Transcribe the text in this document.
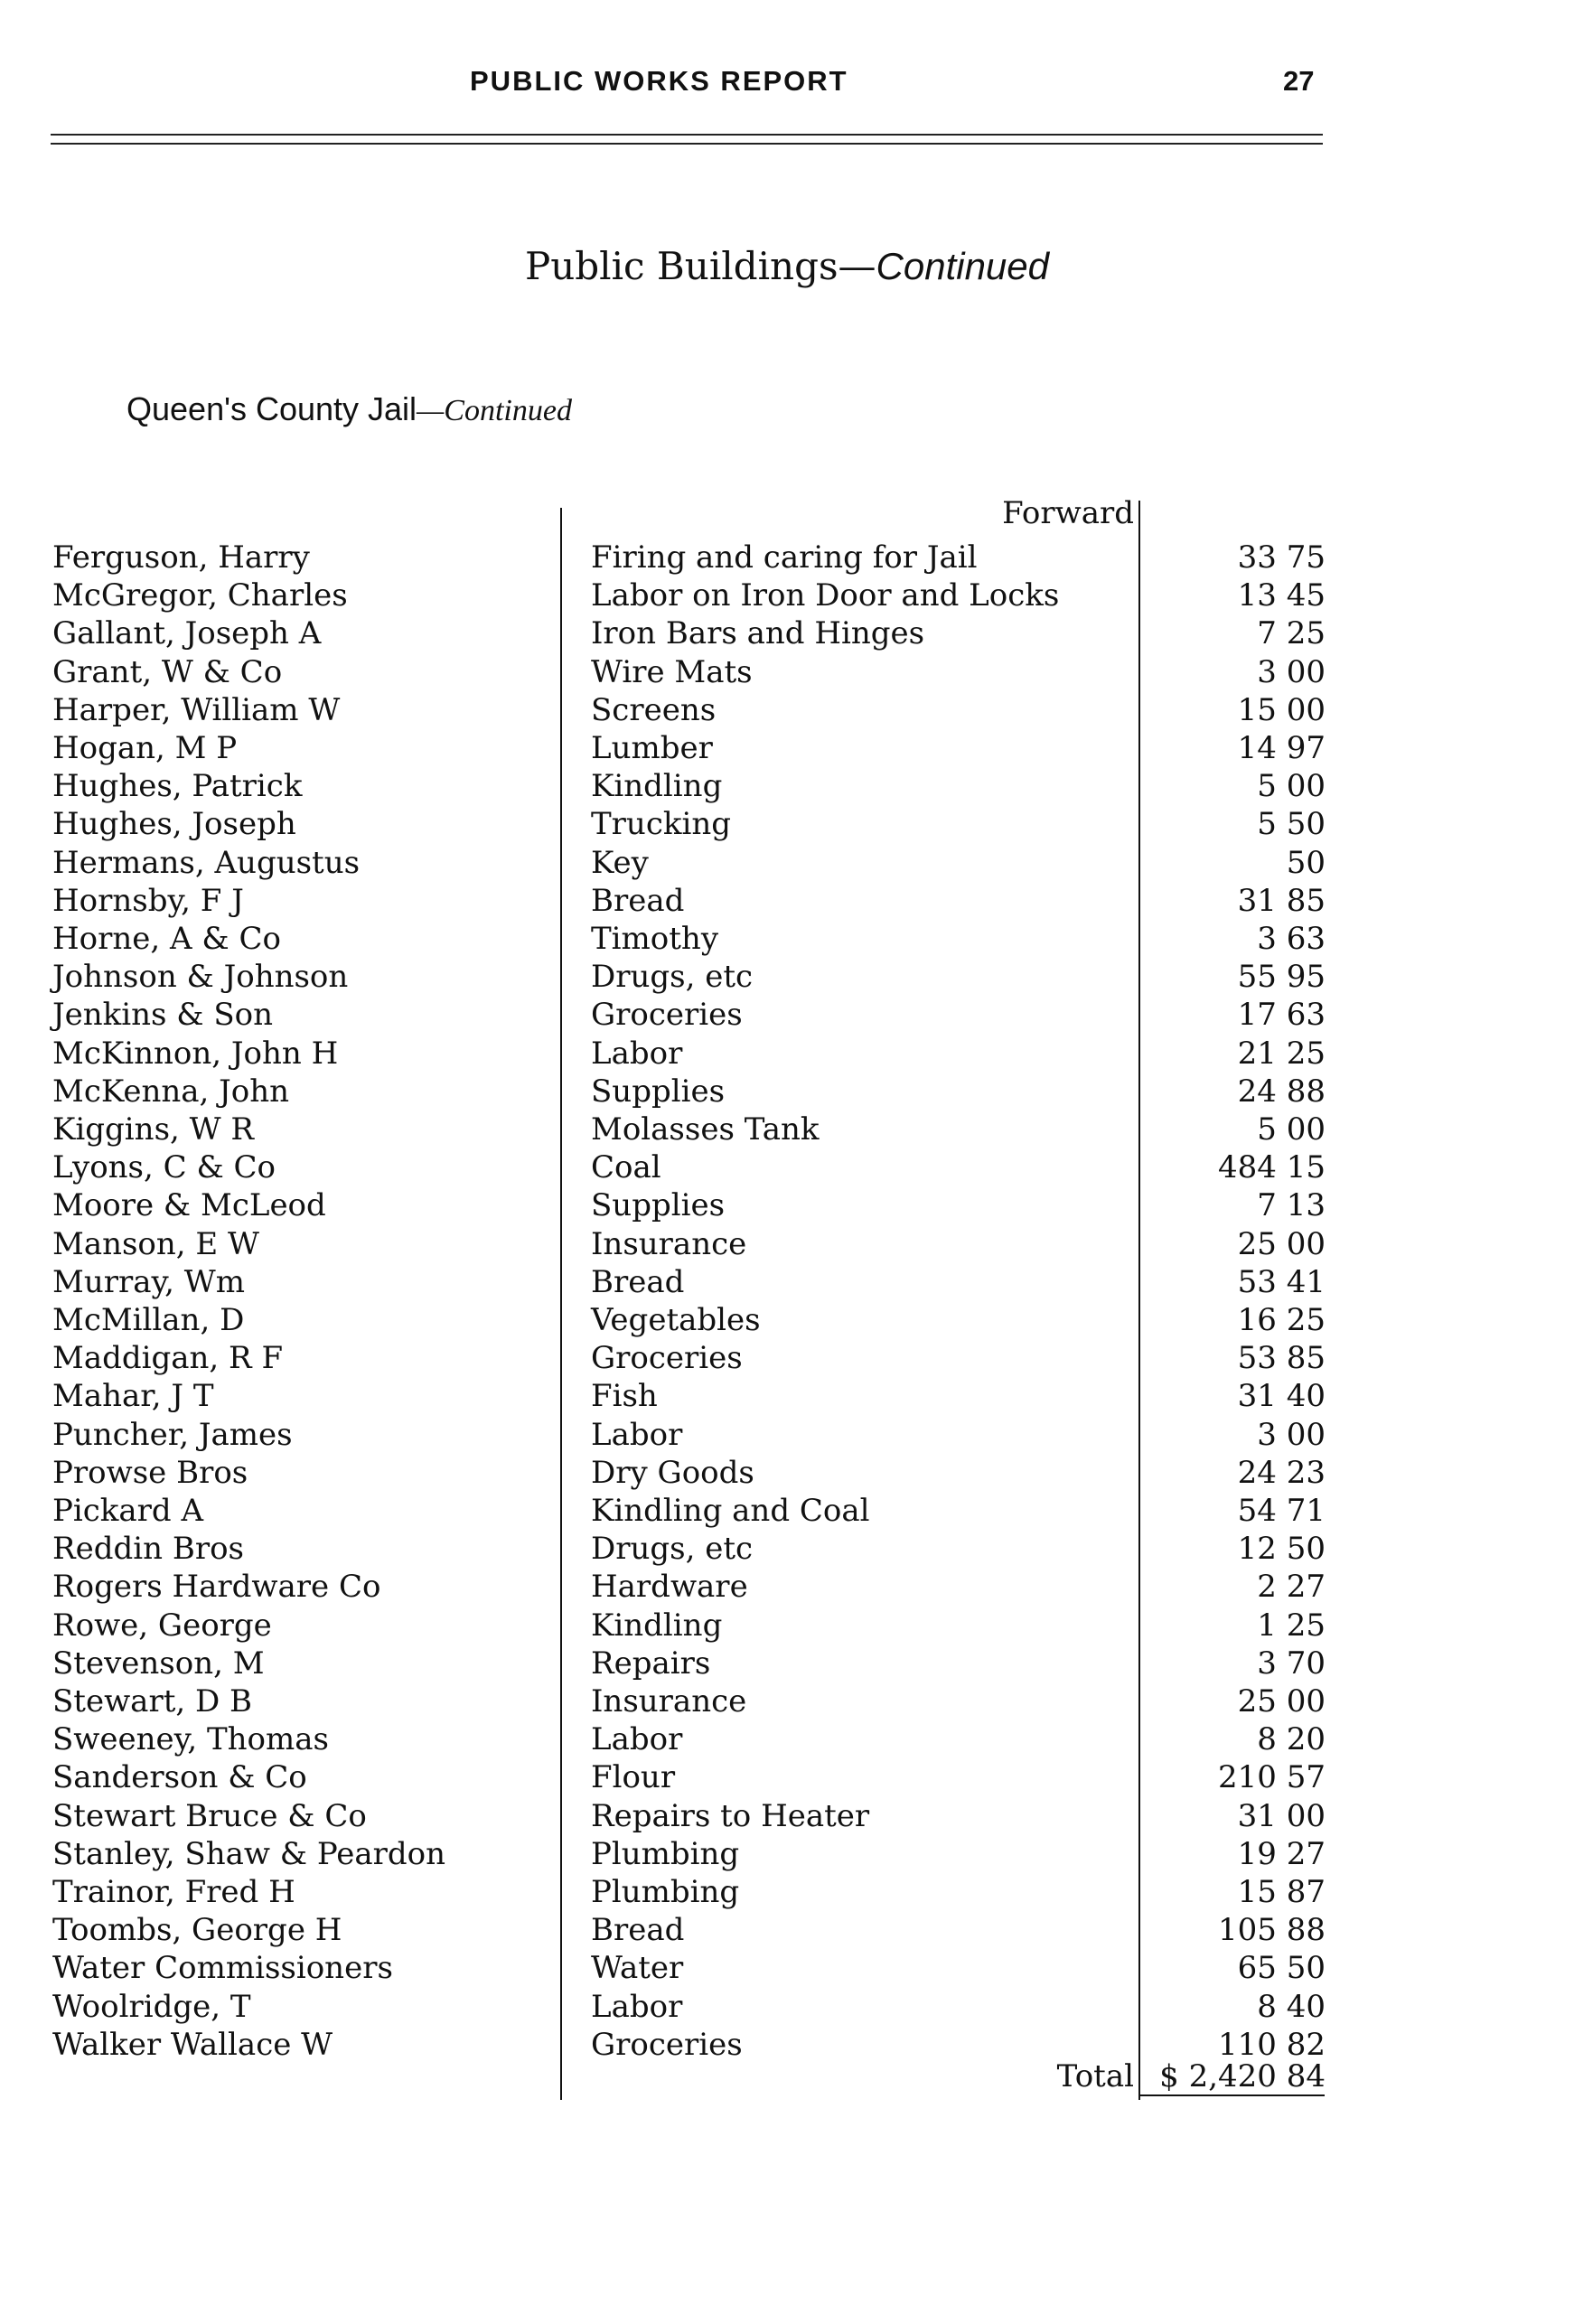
PUBLIC WORKS REPORT	27
Public Buildings—Continued
Queen's County Jail—Continued
Forward
Ferguson, Harry	Firing and caring for Jail	33 75
McGregor, Charles	Labor on Iron Door and Locks	13 45
Gallant, Joseph A	Iron Bars and Hinges	7 25
Grant, W & Co	Wire Mats	3 00
Harper, William W	Screens	15 00
Hogan, M P	Lumber	14 97
Hughes, Patrick	Kindling	5 00
Hughes, Joseph	Trucking	5 50
Hermans, Augustus	Key	50
Hornsby, F J	Bread	31 85
Horne, A & Co	Timothy	3 63
Johnson & Johnson	Drugs, etc	55 95
Jenkins & Son	Groceries	17 63
McKinnon, John H	Labor	21 25
McKenna, John	Supplies	24 88
Kiggins, W R	Molasses Tank	5 00
Lyons, C & Co	Coal	484 15
Moore & McLeod	Supplies	7 13
Manson, E W	Insurance	25 00
Murray, Wm	Bread	53 41
McMillan, D	Vegetables	16 25
Maddigan, R F	Groceries	53 85
Mahar, J T	Fish	31 40
Puncher, James	Labor	3 00
Prowse Bros	Dry Goods	24 23
Pickard A	Kindling and Coal	54 71
Reddin Bros	Drugs, etc	12 50
Rogers Hardware Co	Hardware	2 27
Rowe, George	Kindling	1 25
Stevenson, M	Repairs	3 70
Stewart, D B	Insurance	25 00
Sweeney, Thomas	Labor	8 20
Sanderson & Co	Flour	210 57
Stewart Bruce & Co	Repairs to Heater	31 00
Stanley, Shaw & Peardon	Plumbing	19 27
Trainor, Fred H	Plumbing	15 87
Toombs, George H	Bread	105 88
Water Commissioners	Water	65 50
Woolridge, T	Labor	8 40
Walker Wallace W	Groceries	110 82
Total $ 2,420 84
